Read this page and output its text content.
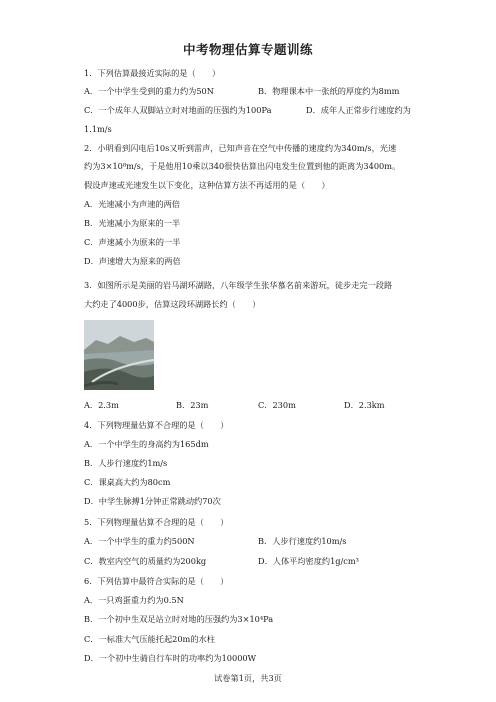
中考物理估算专题训练
1．下列估算最接近实际的是（　　）
A．一个中学生受到的重力约为50N	B．物理课本中一张纸的厚度约为8mm
C．一个成年人双脚站立时对地面的压强约为100Pa	D．成年人正常步行速度约为
1.1m/s
2．小明看到闪电后10s又听到雷声，已知声音在空气中传播的速度约为340m/s，光速
约为3×10⁸m/s，于是他用10乘以340很快估算出闪电发生位置到他的距离为3400m。
假设声速或光速发生以下变化，这种估算方法不再适用的是（　　）
A．光速减小为声速的两倍
B．光速减小为原来的一半
C．声速减小为原来的一半
D．声速增大为原来的两倍
3．如图所示是美丽的岩马湖环湖路，八年级学生张华慕名前来游玩，徒步走完一段路
大约走了4000步，估算这段环湖路长约（　　）
A．2.3m	B．23m	C．230m	D．2.3km
4．下列物理量估算不合理的是（　　）
A．一个中学生的身高约为165dm
B．人步行速度约1m/s
C．课桌高大约为80cm
D．中学生脉搏1分钟正常跳动约70次
5．下列物理量估算不合理的是（　　）
A．一个中学生的重力约500N	B．人步行速度约10m/s
C．教室内空气的质量约为200kg	D．人体平均密度约1g/cm³
6．下列估算中最符合实际的是（　　）
A．一只鸡蛋重力约为0.5N
B．一个初中生双足站立时对地的压强约为3×10⁴Pa
C．一标准大气压能托起20m的水柱
D．一个初中生骑自行车时的功率约为10000W
试卷第1页，共3页
